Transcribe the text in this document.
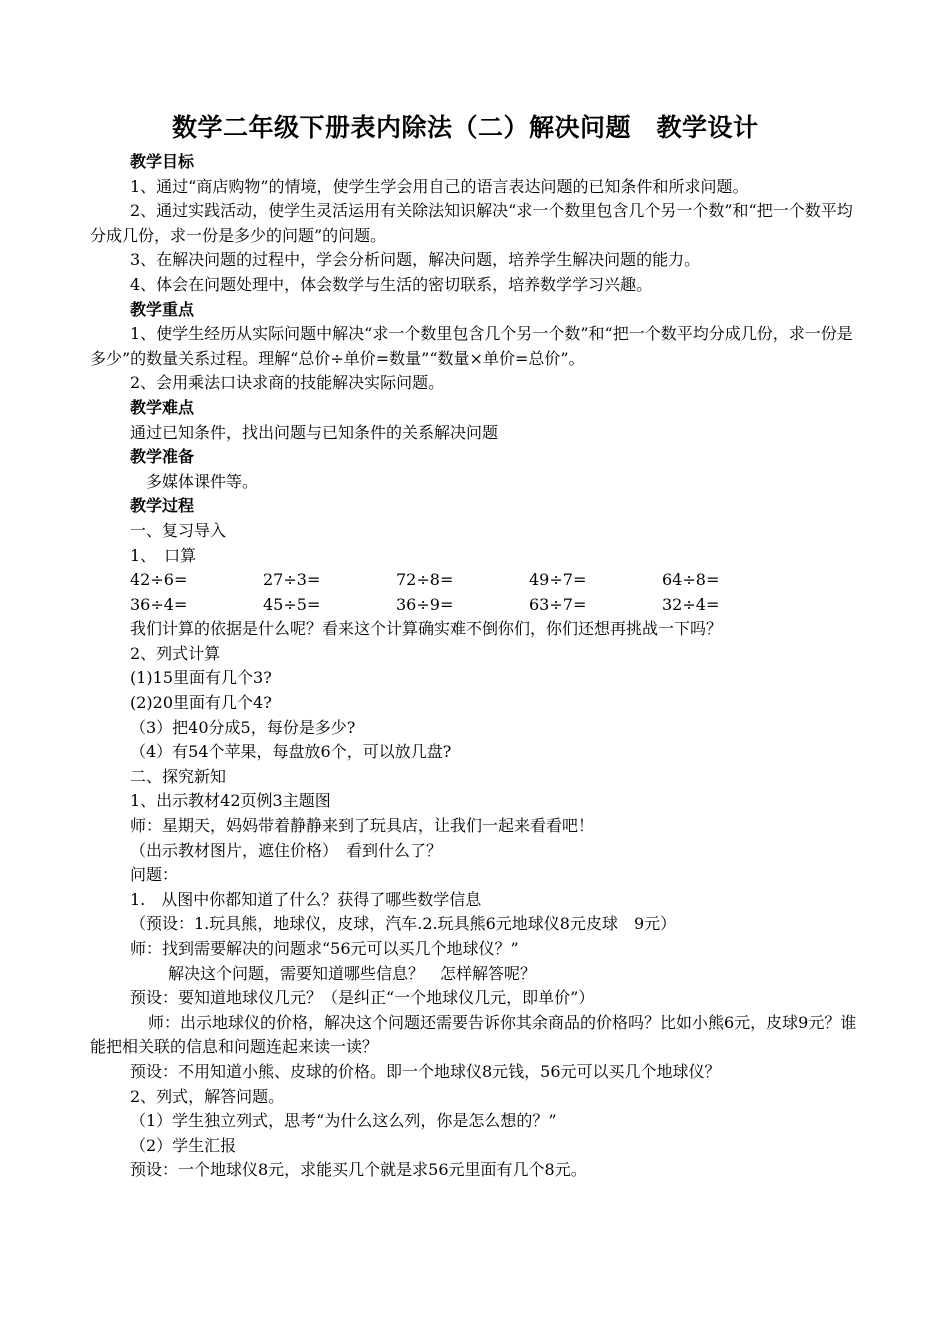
数学二年级下册表内除法（二）解决问题　教学设计

教学目标

1、通过“商店购物”的情境，使学生学会用自己的语言表达问题的已知条件和所求问题。

2、通过实践活动，使学生灵活运用有关除法知识解决“求一个数里包含几个另一个数”和“把一个数平均分成几份，求一份是多少的问题”的问题。

3、在解决问题的过程中，学会分析问题，解决问题，培养学生解决问题的能力。

4、体会在问题处理中，体会数学与生活的密切联系，培养数学学习兴趣。

教学重点

1、使学生经历从实际问题中解决“求一个数里包含几个另一个数”和“把一个数平均分成几份，求一份是多少”的数量关系过程。理解“总价÷单价=数量”“数量×单价=总价”。

2、会用乘法口诀求商的技能解决实际问题。

教学难点

通过已知条件，找出问题与已知条件的关系解决问题

教学准备

多媒体课件等。

教学过程

一、复习导入

1、　口算

42÷6=	27÷3=	72÷8=	49÷7=	64÷8=
36÷4=	45÷5=	36÷9=	63÷7=	32÷4=

我们计算的依据是什么呢？看来这个计算确实难不倒你们，你们还想再挑战一下吗？

2、列式计算

(1)15里面有几个3?

(2)20里面有几个4?

（3）把40分成5，每份是多少?

（4）有54个苹果，每盘放6个，可以放几盘?

二、探究新知

1、出示教材42页例3主题图

师：星期天，妈妈带着静静来到了玩具店，让我们一起来看看吧！

（出示教材图片，遮住价格）　看到什么了？

问题：

1.　从图中你都知道了什么？获得了哪些数学信息

（预设：1.玩具熊，地球仪，皮球，汽车.2.玩具熊6元地球仪8元皮球　9元）

师：找到需要解决的问题求“56元可以买几个地球仪？”

解决这个问题，需要知道哪些信息？　怎样解答呢？

预设：要知道地球仪几元？（是纠正“一个地球仪几元，即单价”）

师：出示地球仪的价格，解决这个问题还需要告诉你其余商品的价格吗？比如小熊6元，皮球9元？谁能把相关联的信息和问题连起来读一读？

预设：不用知道小熊、皮球的价格。即一个地球仪8元钱，56元可以买几个地球仪？

2、列式，解答问题。

（1）学生独立列式，思考“为什么这么列，你是怎么想的？”

（2）学生汇报

预设：一个地球仪8元，求能买几个就是求56元里面有几个8元。
